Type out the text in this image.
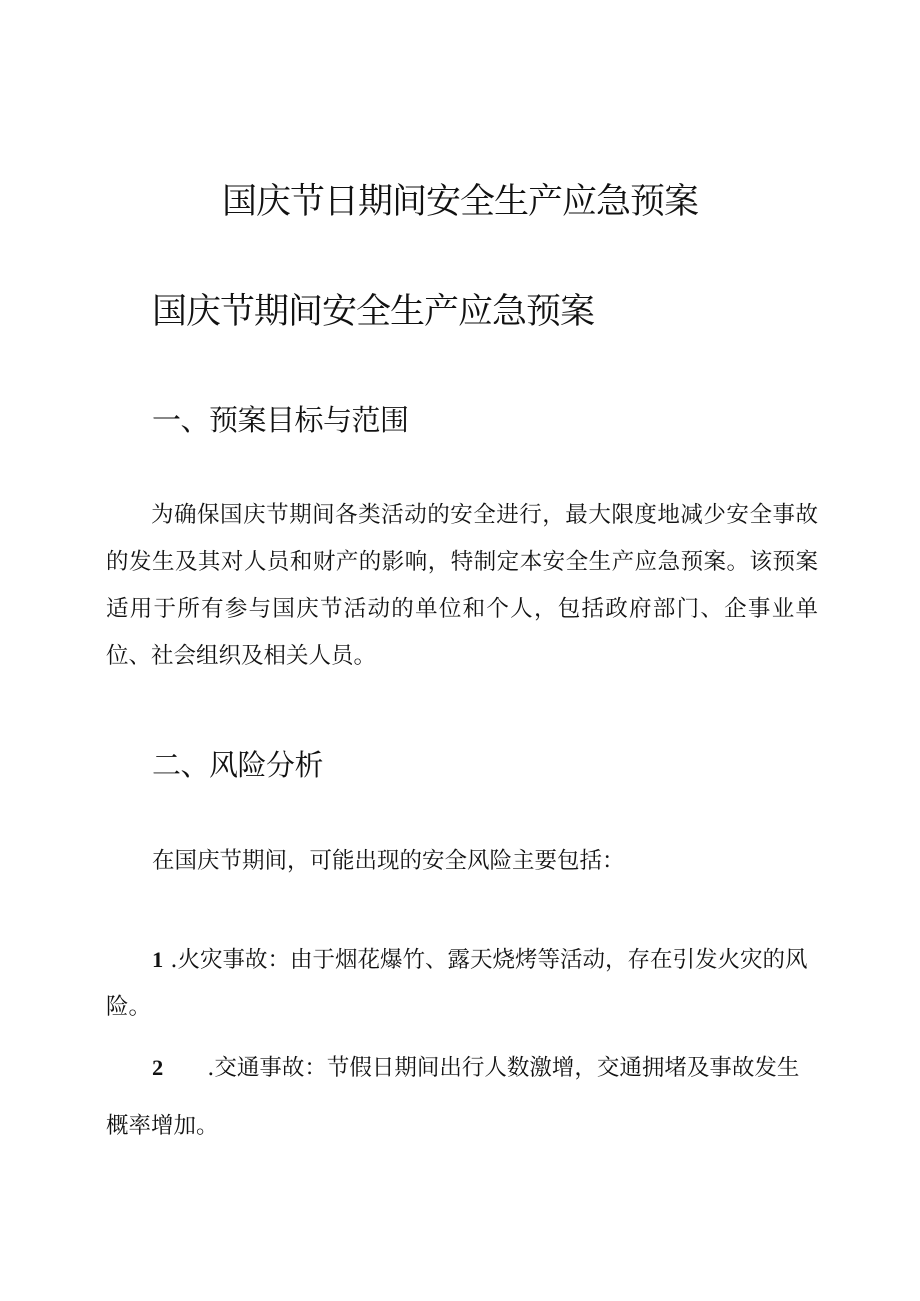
国庆节日期间安全生产应急预案
国庆节期间安全生产应急预案
一、预案目标与范围

为确保国庆节期间各类活动的安全进行，最大限度地减少安全事故的发生及其对人员和财产的影响，特制定本安全生产应急预案。该预案适用于所有参与国庆节活动的单位和个人，包括政府部门、企事业单位、社会组织及相关人员。

二、风险分析

在国庆节期间，可能出现的安全风险主要包括：

1 .火灾事故：由于烟花爆竹、露天烧烤等活动，存在引发火灾的风险。

2 .交通事故：节假日期间出行人数激增，交通拥堵及事故发生概率增加。
